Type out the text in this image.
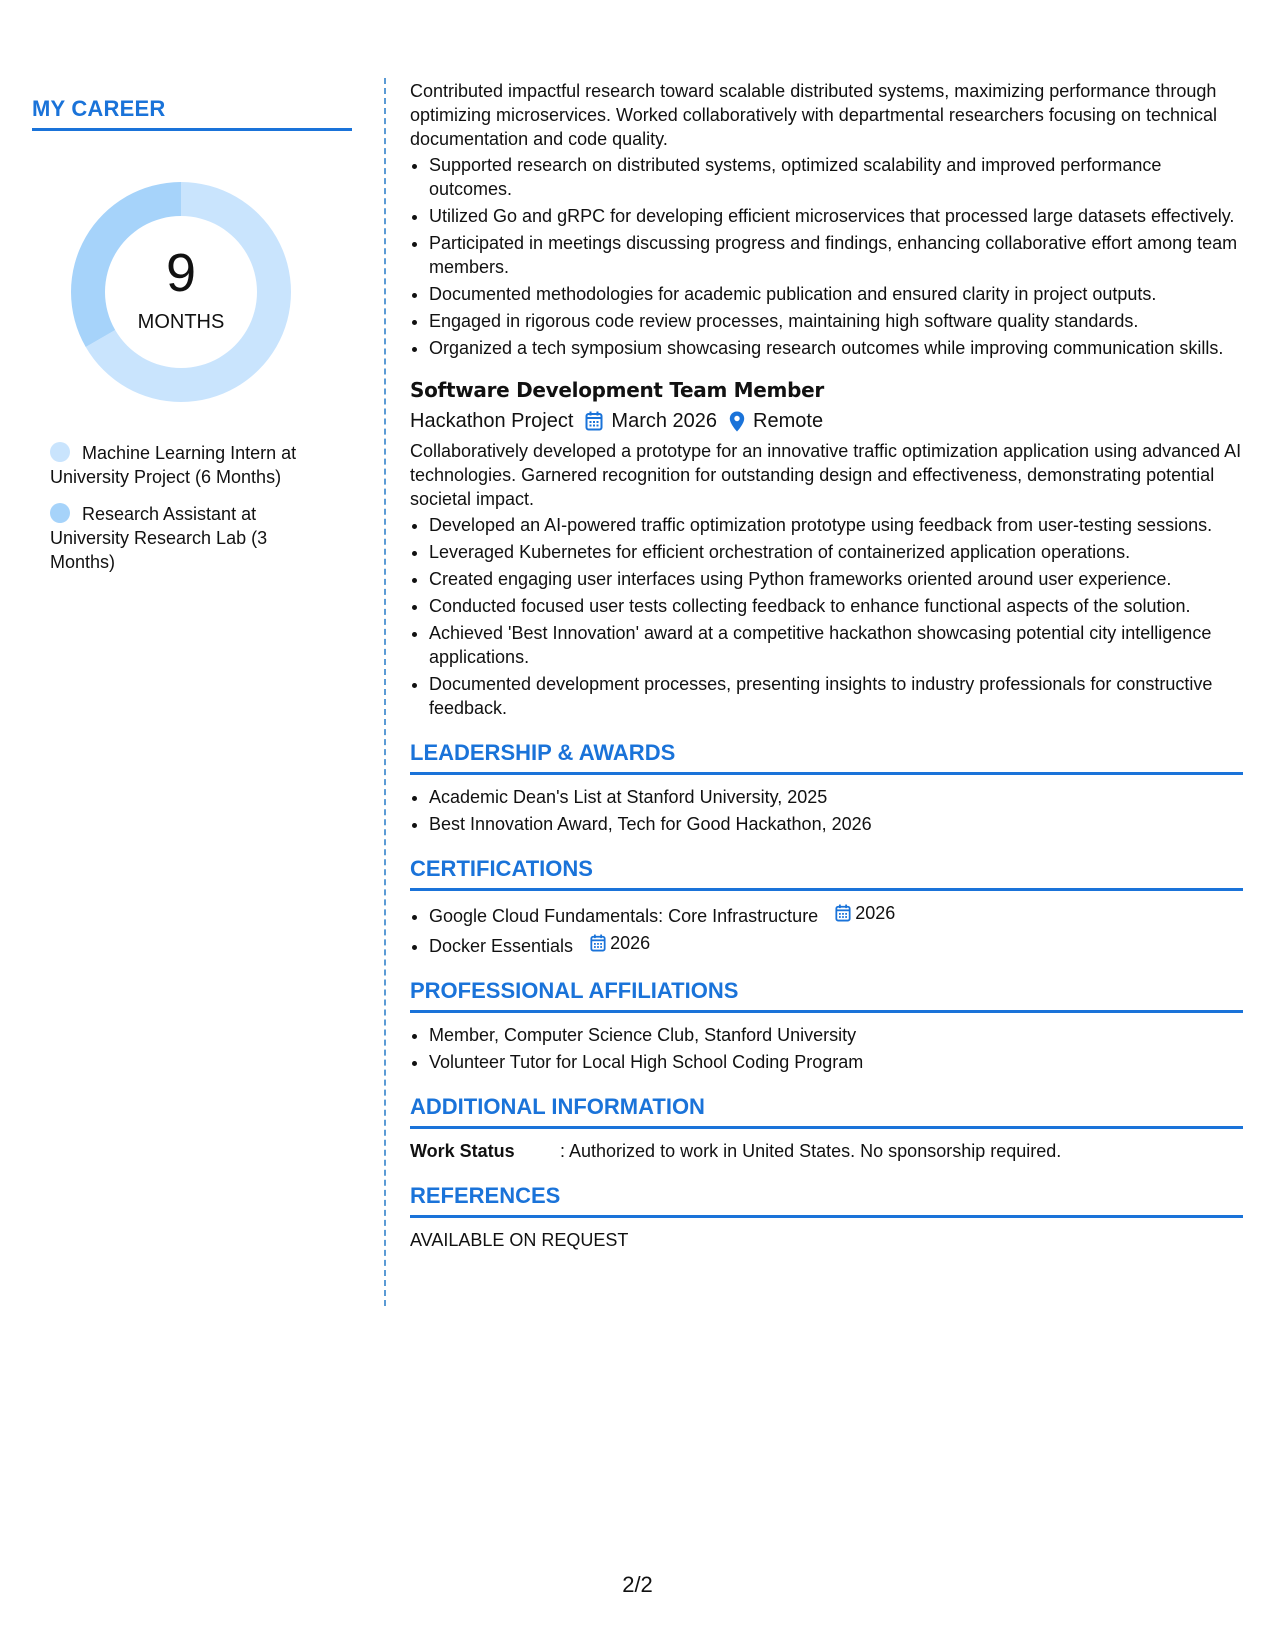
MY CAREER
9
MONTHS
Machine Learning Intern at University Project (6 Months)
Research Assistant at University Research Lab (3 Months)

Contributed impactful research toward scalable distributed systems, maximizing performance through optimizing microservices. Worked collaboratively with departmental researchers focusing on technical documentation and code quality.

• Supported research on distributed systems, optimized scalability and improved performance outcomes.
• Utilized Go and gRPC for developing efficient microservices that processed large datasets effectively.
• Participated in meetings discussing progress and findings, enhancing collaborative effort among team members.
• Documented methodologies for academic publication and ensured clarity in project outputs.
• Engaged in rigorous code review processes, maintaining high software quality standards.
• Organized a tech symposium showcasing research outcomes while improving communication skills.
Software Development Team Member
Hackathon Project March 2026 Remote

Collaboratively developed a prototype for an innovative traffic optimization application using advanced AI technologies. Garnered recognition for outstanding design and effectiveness, demonstrating potential societal impact.

• Developed an AI-powered traffic optimization prototype using feedback from user-testing sessions.
• Leveraged Kubernetes for efficient orchestration of containerized application operations.
• Created engaging user interfaces using Python frameworks oriented around user experience.
• Conducted focused user tests collecting feedback to enhance functional aspects of the solution.
• Achieved 'Best Innovation' award at a competitive hackathon showcasing potential city intelligence applications.
• Documented development processes, presenting insights to industry professionals for constructive feedback.
LEADERSHIP & AWARDS
• Academic Dean's List at Stanford University, 2025
• Best Innovation Award, Tech for Good Hackathon, 2026
CERTIFICATIONS
• Google Cloud Fundamentals: Core Infrastructure 2026
• Docker Essentials 2026
PROFESSIONAL AFFILIATIONS
• Member, Computer Science Club, Stanford University
• Volunteer Tutor for Local High School Coding Program
ADDITIONAL INFORMATION
Work Status	: Authorized to work in United States. No sponsorship required.
REFERENCES

AVAILABLE ON REQUEST

2/2
